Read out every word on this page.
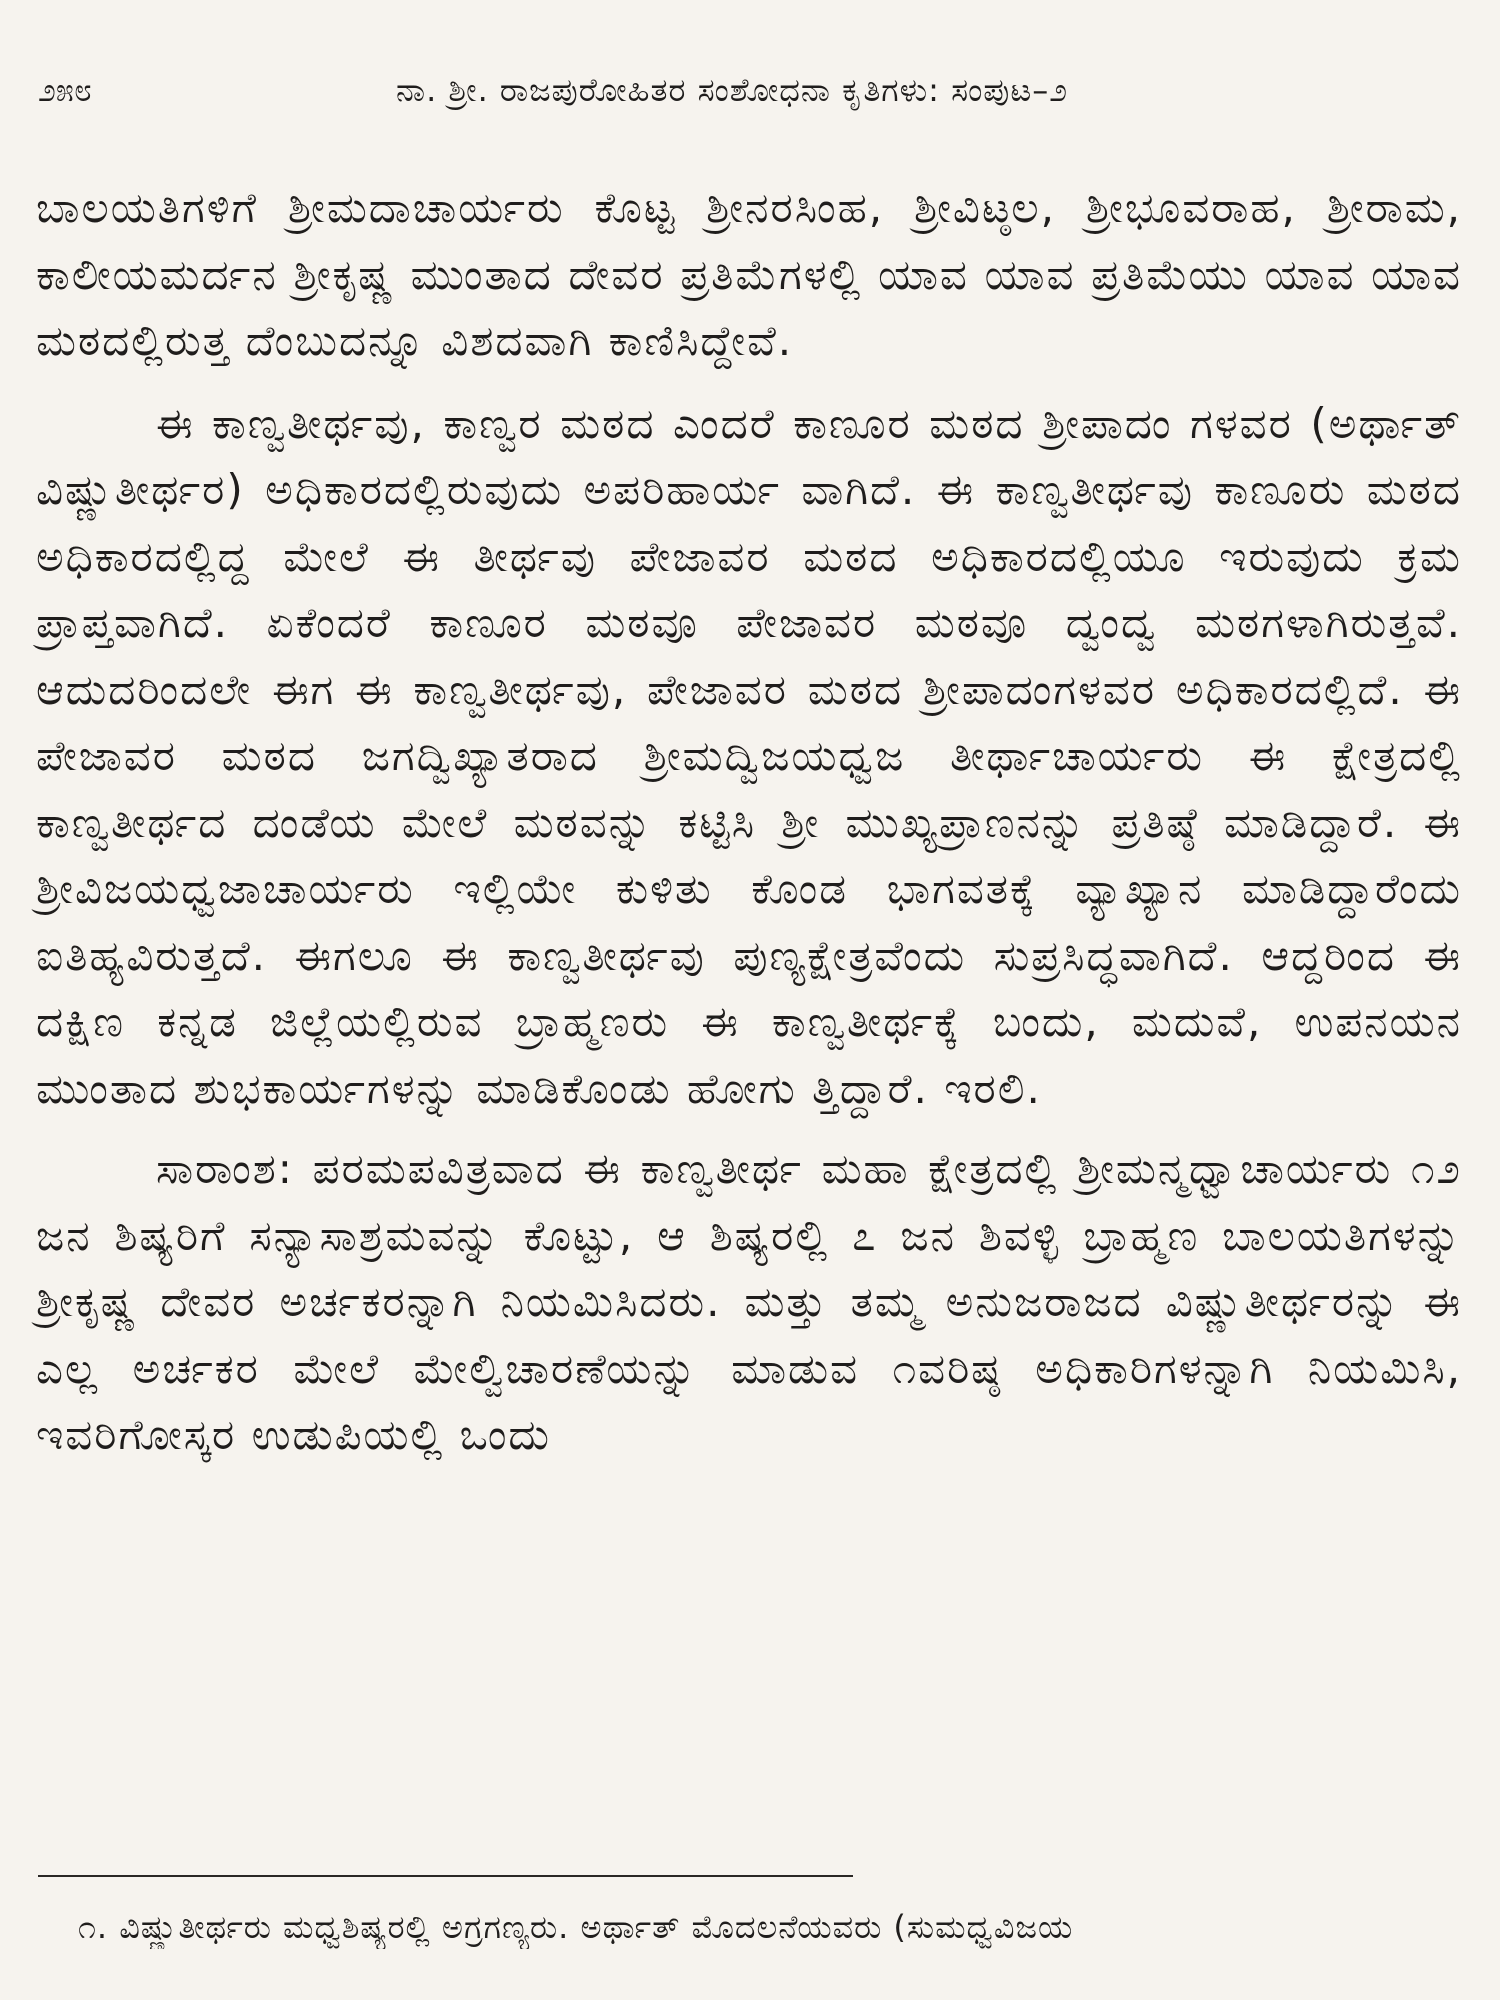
೨೫೮	ನಾ. ಶ್ರೀ. ರಾಜಪುರೋಹಿತರ ಸಂಶೋಧನಾ ಕೃತಿಗಳು: ಸಂಪುಟ–೨

ಬಾಲಯತಿಗಳಿಗೆ ಶ್ರೀಮದಾಚಾರ್ಯರು ಕೊಟ್ಟ ಶ್ರೀನರಸಿಂಹ, ಶ್ರೀವಿಟ್ಠಲ, ಶ್ರೀಭೂವರಾಹ, ಶ್ರೀರಾಮ, ಕಾಲೀಯಮರ್ದನ ಶ್ರೀಕೃಷ್ಣ ಮುಂತಾದ ದೇವರ ಪ್ರತಿಮೆಗಳಲ್ಲಿ ಯಾವ ಯಾವ ಪ್ರತಿಮೆಯು ಯಾವ ಯಾವ ಮಠದಲ್ಲಿರುತ್ತ ದೆಂಬುದನ್ನೂ ವಿಶದವಾಗಿ ಕಾಣಿಸಿದ್ದೇವೆ.

ಈ ಕಾಣ್ವತೀರ್ಥವು, ಕಾಣ್ವರ ಮಠದ ಎಂದರೆ ಕಾಣೂರ ಮಠದ ಶ್ರೀಪಾದಂ ಗಳವರ (ಅರ್ಥಾತ್ ವಿಷ್ಣುತೀರ್ಥರ) ಅಧಿಕಾರದಲ್ಲಿರುವುದು ಅಪರಿಹಾರ್ಯ ವಾಗಿದೆ. ಈ ಕಾಣ್ವತೀರ್ಥವು ಕಾಣೂರು ಮಠದ ಅಧಿಕಾರದಲ್ಲಿದ್ದ ಮೇಲೆ ಈ ತೀರ್ಥವು ಪೇಜಾವರ ಮಠದ ಅಧಿಕಾರದಲ್ಲಿಯೂ ಇರುವುದು ಕ್ರಮ ಪ್ರಾಪ್ತವಾಗಿದೆ. ಏಕೆಂದರೆ ಕಾಣೂರ ಮಠವೂ ಪೇಜಾವರ ಮಠವೂ ದ್ವಂದ್ವ ಮಠಗಳಾಗಿರುತ್ತವೆ. ಆದುದರಿಂದಲೇ ಈಗ ಈ ಕಾಣ್ವತೀರ್ಥವು, ಪೇಜಾವರ ಮಠದ ಶ್ರೀಪಾದಂಗಳವರ ಅಧಿಕಾರದಲ್ಲಿದೆ. ಈ ಪೇಜಾವರ ಮಠದ ಜಗದ್ವಿಖ್ಯಾತರಾದ ಶ್ರೀಮದ್ವಿಜಯಧ್ವಜ ತೀರ್ಥಾಚಾರ್ಯರು ಈ ಕ್ಷೇತ್ರದಲ್ಲಿ ಕಾಣ್ವತೀರ್ಥದ ದಂಡೆಯ ಮೇಲೆ ಮಠವನ್ನು ಕಟ್ಟಿಸಿ ಶ್ರೀ ಮುಖ್ಯಪ್ರಾಣನನ್ನು ಪ್ರತಿಷ್ಠೆ ಮಾಡಿದ್ದಾರೆ. ಈ ಶ್ರೀವಿಜಯಧ್ವಜಾಚಾರ್ಯರು ಇಲ್ಲಿಯೇ ಕುಳಿತು ಕೊಂಡ ಭಾಗವತಕ್ಕೆ ವ್ಯಾಖ್ಯಾನ ಮಾಡಿದ್ದಾರೆಂದು ಐತಿಹ್ಯವಿರುತ್ತದೆ. ಈಗಲೂ ಈ ಕಾಣ್ವತೀರ್ಥವು ಪುಣ್ಯಕ್ಷೇತ್ರವೆಂದು ಸುಪ್ರಸಿದ್ಧವಾಗಿದೆ. ಆದ್ದರಿಂದ ಈ ದಕ್ಷಿಣ ಕನ್ನಡ ಜಿಲ್ಲೆಯಲ್ಲಿರುವ ಬ್ರಾಹ್ಮಣರು ಈ ಕಾಣ್ವತೀರ್ಥಕ್ಕೆ ಬಂದು, ಮದುವೆ, ಉಪನಯನ ಮುಂತಾದ ಶುಭಕಾರ್ಯಗಳನ್ನು ಮಾಡಿಕೊಂಡು ಹೋಗು ತ್ತಿದ್ದಾರೆ. ಇರಲಿ.

ಸಾರಾಂಶ: ಪರಮಪವಿತ್ರವಾದ ಈ ಕಾಣ್ವತೀರ್ಥ ಮಹಾ ಕ್ಷೇತ್ರದಲ್ಲಿ ಶ್ರೀಮನ್ಮಧ್ವಾಚಾರ್ಯರು ೧೨ ಜನ ಶಿಷ್ಯರಿಗೆ ಸನ್ಯಾಸಾಶ್ರಮವನ್ನು ಕೊಟ್ಟು, ಆ ಶಿಷ್ಯರಲ್ಲಿ ೭ ಜನ ಶಿವಳ್ಳಿ ಬ್ರಾಹ್ಮಣ ಬಾಲಯತಿಗಳನ್ನು ಶ್ರೀಕೃಷ್ಣ ದೇವರ ಅರ್ಚಕರನ್ನಾಗಿ ನಿಯಮಿಸಿದರು. ಮತ್ತು ತಮ್ಮ ಅನುಜರಾಜದ ವಿಷ್ಣುತೀರ್ಥರನ್ನು ಈ ಎಲ್ಲ ಅರ್ಚಕರ ಮೇಲೆ ಮೇಲ್ವಿಚಾರಣೆಯನ್ನು ಮಾಡುವ ೧ವರಿಷ್ಠ ಅಧಿಕಾರಿಗಳನ್ನಾಗಿ ನಿಯಮಿಸಿ, ಇವರಿಗೋಸ್ಕರ ಉಡುಪಿಯಲ್ಲಿ ಒಂದು

೧. ವಿಷ್ಣುತೀರ್ಥರು ಮಧ್ವಶಿಷ್ಯರಲ್ಲಿ ಅಗ್ರಗಣ್ಯರು. ಅರ್ಥಾತ್ ಮೊದಲನೆಯವರು (ಸುಮಧ್ವವಿಜಯ
